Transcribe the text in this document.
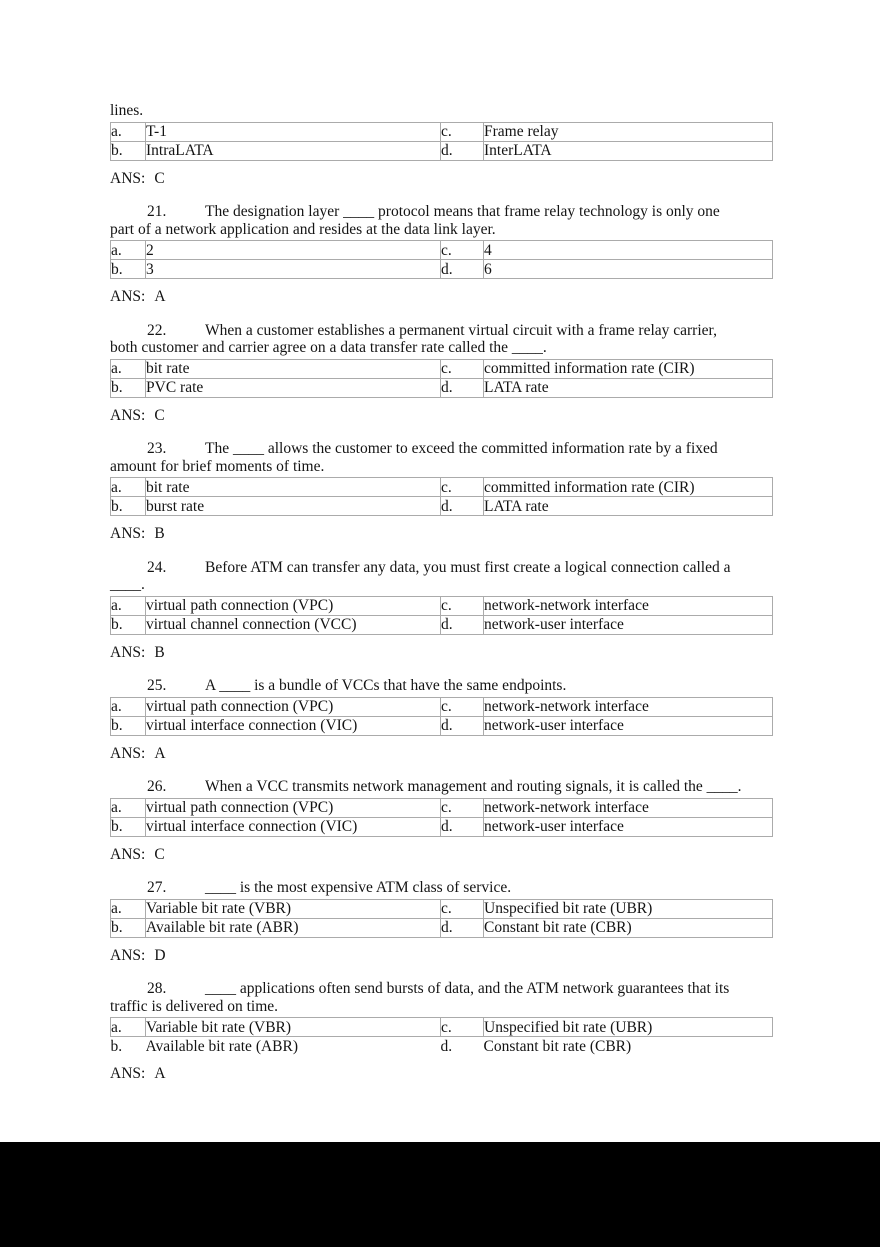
lines.
a.	T-1	c.	Frame relay
b.	IntraLATA	d.	InterLATA
ANS: C
21. The designation layer ____ protocol means that frame relay technology is only one
part of a network application and resides at the data link layer.
a.	2	c.	4
b.	3	d.	6
ANS: A
22. When a customer establishes a permanent virtual circuit with a frame relay carrier,
both customer and carrier agree on a data transfer rate called the ____.
a.	bit rate	c.	committed information rate (CIR)
b.	PVC rate	d.	LATA rate
ANS: C
23. The ____ allows the customer to exceed the committed information rate by a fixed
amount for brief moments of time.
a.	bit rate	c.	committed information rate (CIR)
b.	burst rate	d.	LATA rate
ANS: B
24. Before ATM can transfer any data, you must first create a logical connection called a
____.
a.	virtual path connection (VPC)	c.	network-network interface
b.	virtual channel connection (VCC)	d.	network-user interface
ANS: B
25. A ____ is a bundle of VCCs that have the same endpoints.
a.	virtual path connection (VPC)	c.	network-network interface
b.	virtual interface connection (VIC)	d.	network-user interface
ANS: A
26. When a VCC transmits network management and routing signals, it is called the ____.
a.	virtual path connection (VPC)	c.	network-network interface
b.	virtual interface connection (VIC)	d.	network-user interface
ANS: C
27. ____ is the most expensive ATM class of service.
a.	Variable bit rate (VBR)	c.	Unspecified bit rate (UBR)
b.	Available bit rate (ABR)	d.	Constant bit rate (CBR)
ANS: D
28. ____ applications often send bursts of data, and the ATM network guarantees that its
traffic is delivered on time.
a.	Variable bit rate (VBR)	c.	Unspecified bit rate (UBR)
b.	Available bit rate (ABR)	d.	Constant bit rate (CBR)
ANS: A
